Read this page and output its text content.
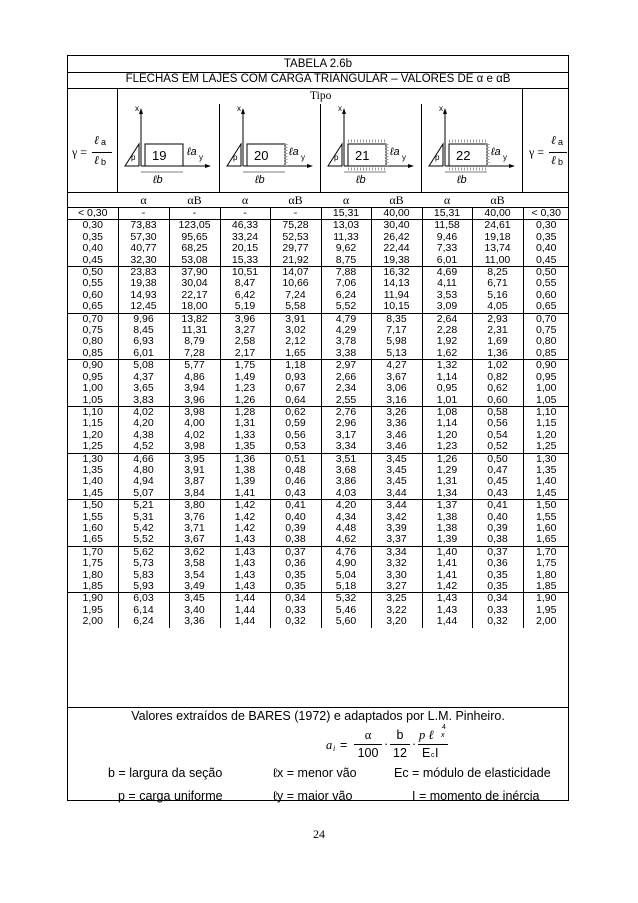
TABELA 2.6b
FLECHAS EM LAJES COM CARGA TRIANGULAR – VALORES DE α e αB
Tipo
γ =
ℓ a
ℓ b
γ =
ℓ a
ℓ b
19
x
y
p	ℓa
ℓb
20
x
y
p	ℓa
ℓb
21
x
y
p	ℓa
ℓb
22
x
y
p	ℓa
ℓb
α	αB	α	αB	α	αB	α	αB
< 0,30	-	-	-	-	15,31	40,00	15,31	40,00	< 0,30
0,30	73,83	123,05	46,33	75,28	13,03	30,40	11,58	24,61	0,30
0,35	57,30	95,65	33,24	52,53	11,33	26,42	9,46	19,18	0,35
0,40	40,77	68,25	20,15	29,77	9,62	22,44	7,33	13,74	0,40
0,45	32,30	53,08	15,33	21,92	8,75	19,38	6,01	11,00	0,45
0,50	23,83	37,90	10,51	14,07	7,88	16,32	4,69	8,25	0,50
0,55	19,38	30,04	8,47	10,66	7,06	14,13	4,11	6,71	0,55
0,60	14,93	22,17	6,42	7,24	6,24	11,94	3,53	5,16	0,60
0,65	12,45	18,00	5,19	5,58	5,52	10,15	3,09	4,05	0,65
0,70	9,96	13,82	3,96	3,91	4,79	8,35	2,64	2,93	0,70
0,75	8,45	11,31	3,27	3,02	4,29	7,17	2,28	2,31	0,75
0,80	6,93	8,79	2,58	2,12	3,78	5,98	1,92	1,69	0,80
0,85	6,01	7,28	2,17	1,65	3,38	5,13	1,62	1,36	0,85
0,90	5,08	5,77	1,75	1,18	2,97	4,27	1,32	1,02	0,90
0,95	4,37	4,86	1,49	0,93	2,66	3,67	1,14	0,82	0,95
1,00	3,65	3,94	1,23	0,67	2,34	3,06	0,95	0,62	1,00
1,05	3,83	3,96	1,26	0,64	2,55	3,16	1,01	0,60	1,05
1,10	4,02	3,98	1,28	0,62	2,76	3,26	1,08	0,58	1,10
1,15	4,20	4,00	1,31	0,59	2,96	3,36	1,14	0,56	1,15
1,20	4,38	4,02	1,33	0,56	3,17	3,46	1,20	0,54	1,20
1,25	4,52	3,98	1,35	0,53	3,34	3,46	1,23	0,52	1,25
1,30	4,66	3,95	1,36	0,51	3,51	3,45	1,26	0,50	1,30
1,35	4,80	3,91	1,38	0,48	3,68	3,45	1,29	0,47	1,35
1,40	4,94	3,87	1,39	0,46	3,86	3,45	1,31	0,45	1,40
1,45	5,07	3,84	1,41	0,43	4,03	3,44	1,34	0,43	1,45
1,50	5,21	3,80	1,42	0,41	4,20	3,44	1,37	0,41	1,50
1,55	5,31	3,76	1,42	0,40	4,34	3,42	1,38	0,40	1,55
1,60	5,42	3,71	1,42	0,39	4,48	3,39	1,38	0,39	1,60
1,65	5,52	3,67	1,43	0,38	4,62	3,37	1,39	0,38	1,65
1,70	5,62	3,62	1,43	0,37	4,76	3,34	1,40	0,37	1,70
1,75	5,73	3,58	1,43	0,36	4,90	3,32	1,41	0,36	1,75
1,80	5,83	3,54	1,43	0,35	5,04	3,30	1,41	0,35	1,80
1,85	5,93	3,49	1,43	0,35	5,18	3,27	1,42	0,35	1,85
1,90	6,03	3,45	1,44	0,34	5,32	3,25	1,43	0,34	1,90
1,95	6,14	3,40	1,44	0,33	5,46	3,22	1,43	0,33	1,95
2,00	6,24	3,36	1,44	0,32	5,60	3,20	1,44	0,32	2,00
Valores extraídos de BARES (1972) e adaptados por L.M. Pinheiro.
a i =
α
100
·
b
12
·
p ℓ x
4
E c I
b = largura da seção	ℓx = menor vão	Ec = módulo de elasticidade
p = carga uniforme	ℓy = maior vão	I = momento de inércia
24
